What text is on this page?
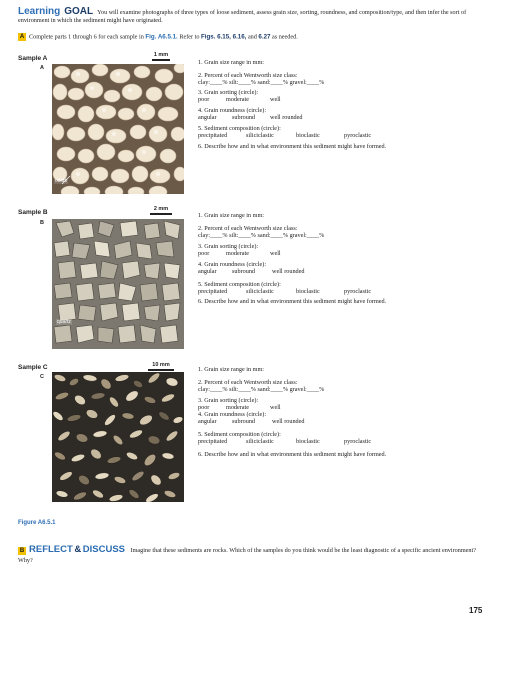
Learning GOAL You will examine photographs of three types of loose sediment, assess grain size, sorting, roundness, and composition/type, and then infer the sort of environment in which the sediment might have originated.
A Complete parts 1 through 6 for each sample in Fig. A6.5.1. Refer to Figs. 6.15, 6.16, and 6.27 as needed.
Sample A	1 mm
A
ooids
1. Grain size range in mm:
2. Percent of each Wentworth size class:
clay:____% silt:____% sand:____% gravel:____%
3. Grain sorting (circle):
poor	moderate	well
4. Grain roundness (circle):
angular subround well rounded
5. Sediment composition (circle):
precipitated	siliciclastic	bioclastic	pyroclastic
6. Describe how and in what environment this sediment might have formed.
Sample B	2 mm
B
quartz
1. Grain size range in mm:
2. Percent of each Wentworth size class:
clay:____% silt:____% sand:____% gravel:____%
3. Grain sorting (circle):
poor	moderate	well
4. Grain roundness (circle):
angular subround	well rounded
5. Sediment composition (circle):
precipitated	siliciclastic	bioclastic	pyroclastic
6. Describe how and in what environment this sediment might have formed.
Sample C	10 mm
C
1. Grain size range in mm:
2. Percent of each Wentworth size class:
clay:____% silt:____% sand:____% gravel:____%
3. Grain sorting (circle):
poor	moderate	well
4. Grain roundness (circle):
angular subround	well rounded
5. Sediment composition (circle):
precipitated	siliciclastic	bioclastic	pyroclastic
6. Describe how and in what environment this sediment might have formed.
Figure A6.5.1
B REFLECT & DISCUSS Imagine that these sediments are rocks. Which of the samples do you think would be the least diagnostic of a specific ancient environment? Why?
175
